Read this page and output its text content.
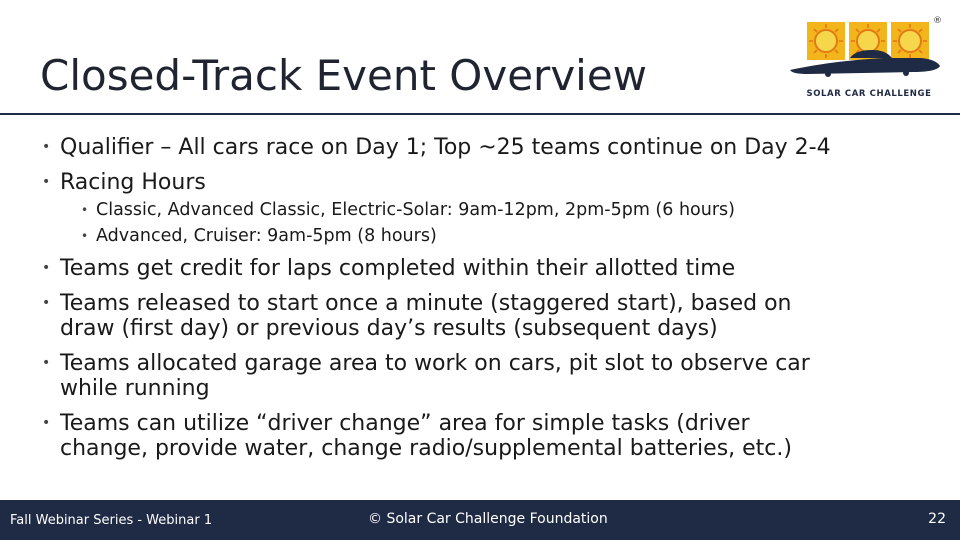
Closed-Track Event Overview
®
SOLAR CAR CHALLENGE

• Qualifier – All cars race on Day 1; Top ~25 teams continue on Day 2-4

• Racing Hours

• Classic, Advanced Classic, Electric-Solar: 9am-12pm, 2pm-5pm (6 hours)

• Advanced, Cruiser: 9am-5pm (8 hours)

• Teams get credit for laps completed within their allotted time

• Teams released to start once a minute (staggered start), based on
draw (first day) or previous day’s results (subsequent days)
• Teams allocated garage area to work on cars, pit slot to observe car
while running
• Teams can utilize “driver change” area for simple tasks (driver
change, provide water, change radio/supplemental batteries, etc.)
Fall Webinar Series - Webinar 1	© Solar Car Challenge Foundation	22
